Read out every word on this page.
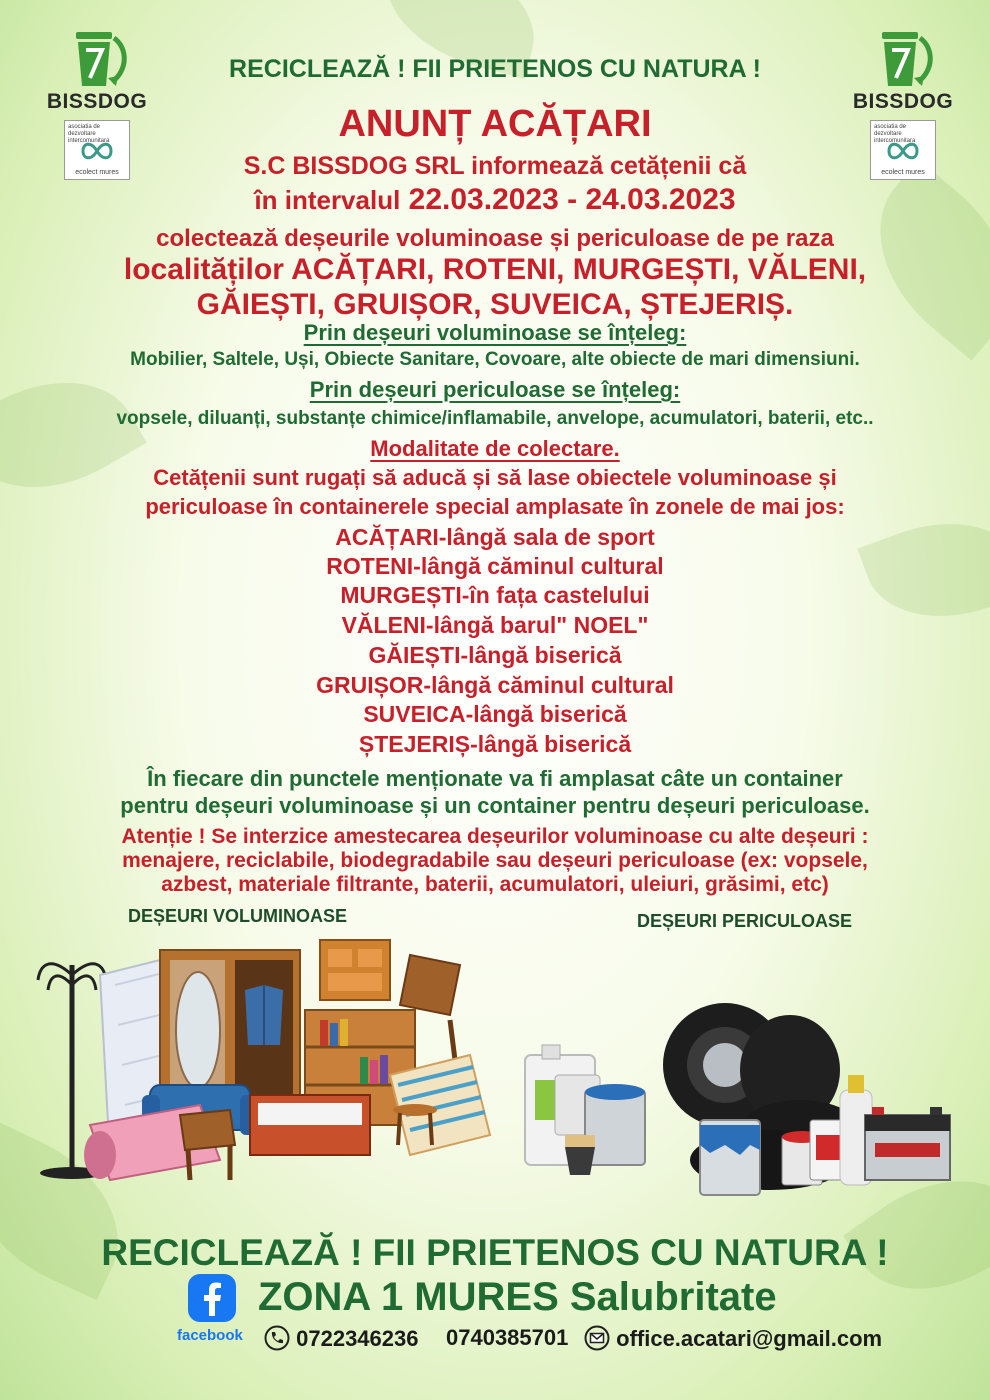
BISSDOG
asociatia de dezvoltare intercomunitara
ecolect mures
BISSDOG
asociatia de dezvoltare intercomunitara
ecolect mures
RECICLEAZĂ ! FII PRIETENOS CU NATURA !
ANUNȚ ACĂȚARI
S.C BISSDOG SRL informează cetățenii că
în intervalul 22.03.2023 - 24.03.2023
colectează deșeurile voluminoase și periculoase de pe raza
localităților ACĂȚARI, ROTENI, MURGEȘTI, VĂLENI,
GĂIEȘTI, GRUIȘOR, SUVEICA, ȘTEJERIȘ.
Prin deșeuri voluminoase se înțeleg:
Mobilier, Saltele, Uși, Obiecte Sanitare, Covoare, alte obiecte de mari dimensiuni.
Prin deșeuri periculoase se înțeleg:
vopsele, diluanți, substanțe chimice/inflamabile, anvelope, acumulatori, baterii, etc..
Modalitate de colectare.
Cetățenii sunt rugați să aducă și să lase obiectele voluminoase și
periculoase în containerele special amplasate în zonele de mai jos:
ACĂȚARI-lângă sala de sport
ROTENI-lângă căminul cultural
MURGEȘTI-în fața castelului
VĂLENI-lângă barul" NOEL"
GĂIEȘTI-lângă biserică
GRUIȘOR-lângă căminul cultural
SUVEICA-lângă biserică
ȘTEJERIȘ-lângă biserică
În fiecare din punctele menționate va fi amplasat câte un container
pentru deșeuri voluminoase și un container pentru deșeuri periculoase.
Atenție ! Se interzice amestecarea deșeurilor voluminoase cu alte deșeuri :
menajere, reciclabile, biodegradabile sau deșeuri periculoase (ex: vopsele,
azbest, materiale filtrante, baterii, acumulatori, uleiuri, grăsimi, etc)
DEȘEURI VOLUMINOASE	DEȘEURI PERICULOASE
RECICLEAZĂ ! FII PRIETENOS CU NATURA !
facebook
ZONA 1 MURES Salubritate
0722346236 0740385701	office.acatari@gmail.com
